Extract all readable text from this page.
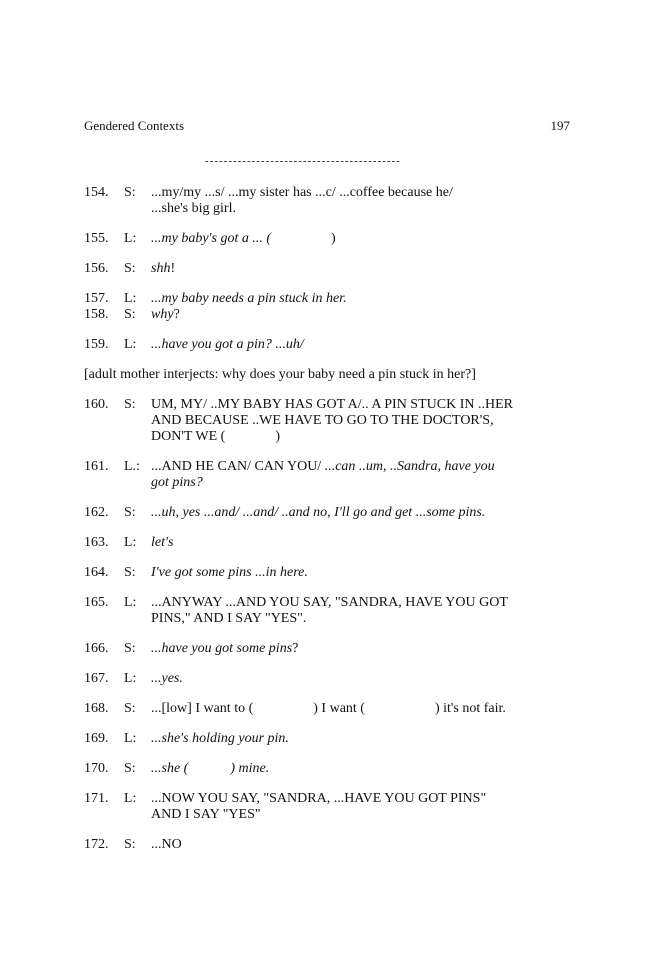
Gendered Contexts	197
------------------------------------------
154.	S:	...my/my ...s/ ...my sister has ...c/ ...coffee because he/
...she's big girl.
155.	L:	...my baby's got a ... (	)
156.	S:	shh!
157.	L:	...my baby needs a pin stuck in her.
158.	S:	why?
159.	L:	...have you got a pin? ...uh/
[adult mother interjects: why does your baby need a pin stuck in her?]
160.	S:	UM, MY/ ..MY BABY HAS GOT A/.. A PIN STUCK IN ..HER
AND BECAUSE ..WE HAVE TO GO TO THE DOCTOR'S,
DON'T WE (	)
161.	L.: ...AND HE CAN/ CAN YOU/ ...can ..um, ..Sandra, have you
got pins?
162.	S:	...uh, yes ...and/ ...and/ ..and no, I'll go and get ...some pins.
163.	L:	let's
164.	S:	I've got some pins ...in here.
165.	L:	...ANYWAY ...AND YOU SAY, "SANDRA, HAVE YOU GOT
PINS," AND I SAY "YES".
166.	S:	...have you got some pins?
167.	L:	...yes.
168.	S:	...[low] I want to (	) I want (	) it's not fair.
169.	L:	...she's holding your pin.
170.	S:	...she (	) mine.
171.	L:	...NOW YOU SAY, "SANDRA, ...HAVE YOU GOT PINS"
AND I SAY "YES"
172.	S:	...NO
